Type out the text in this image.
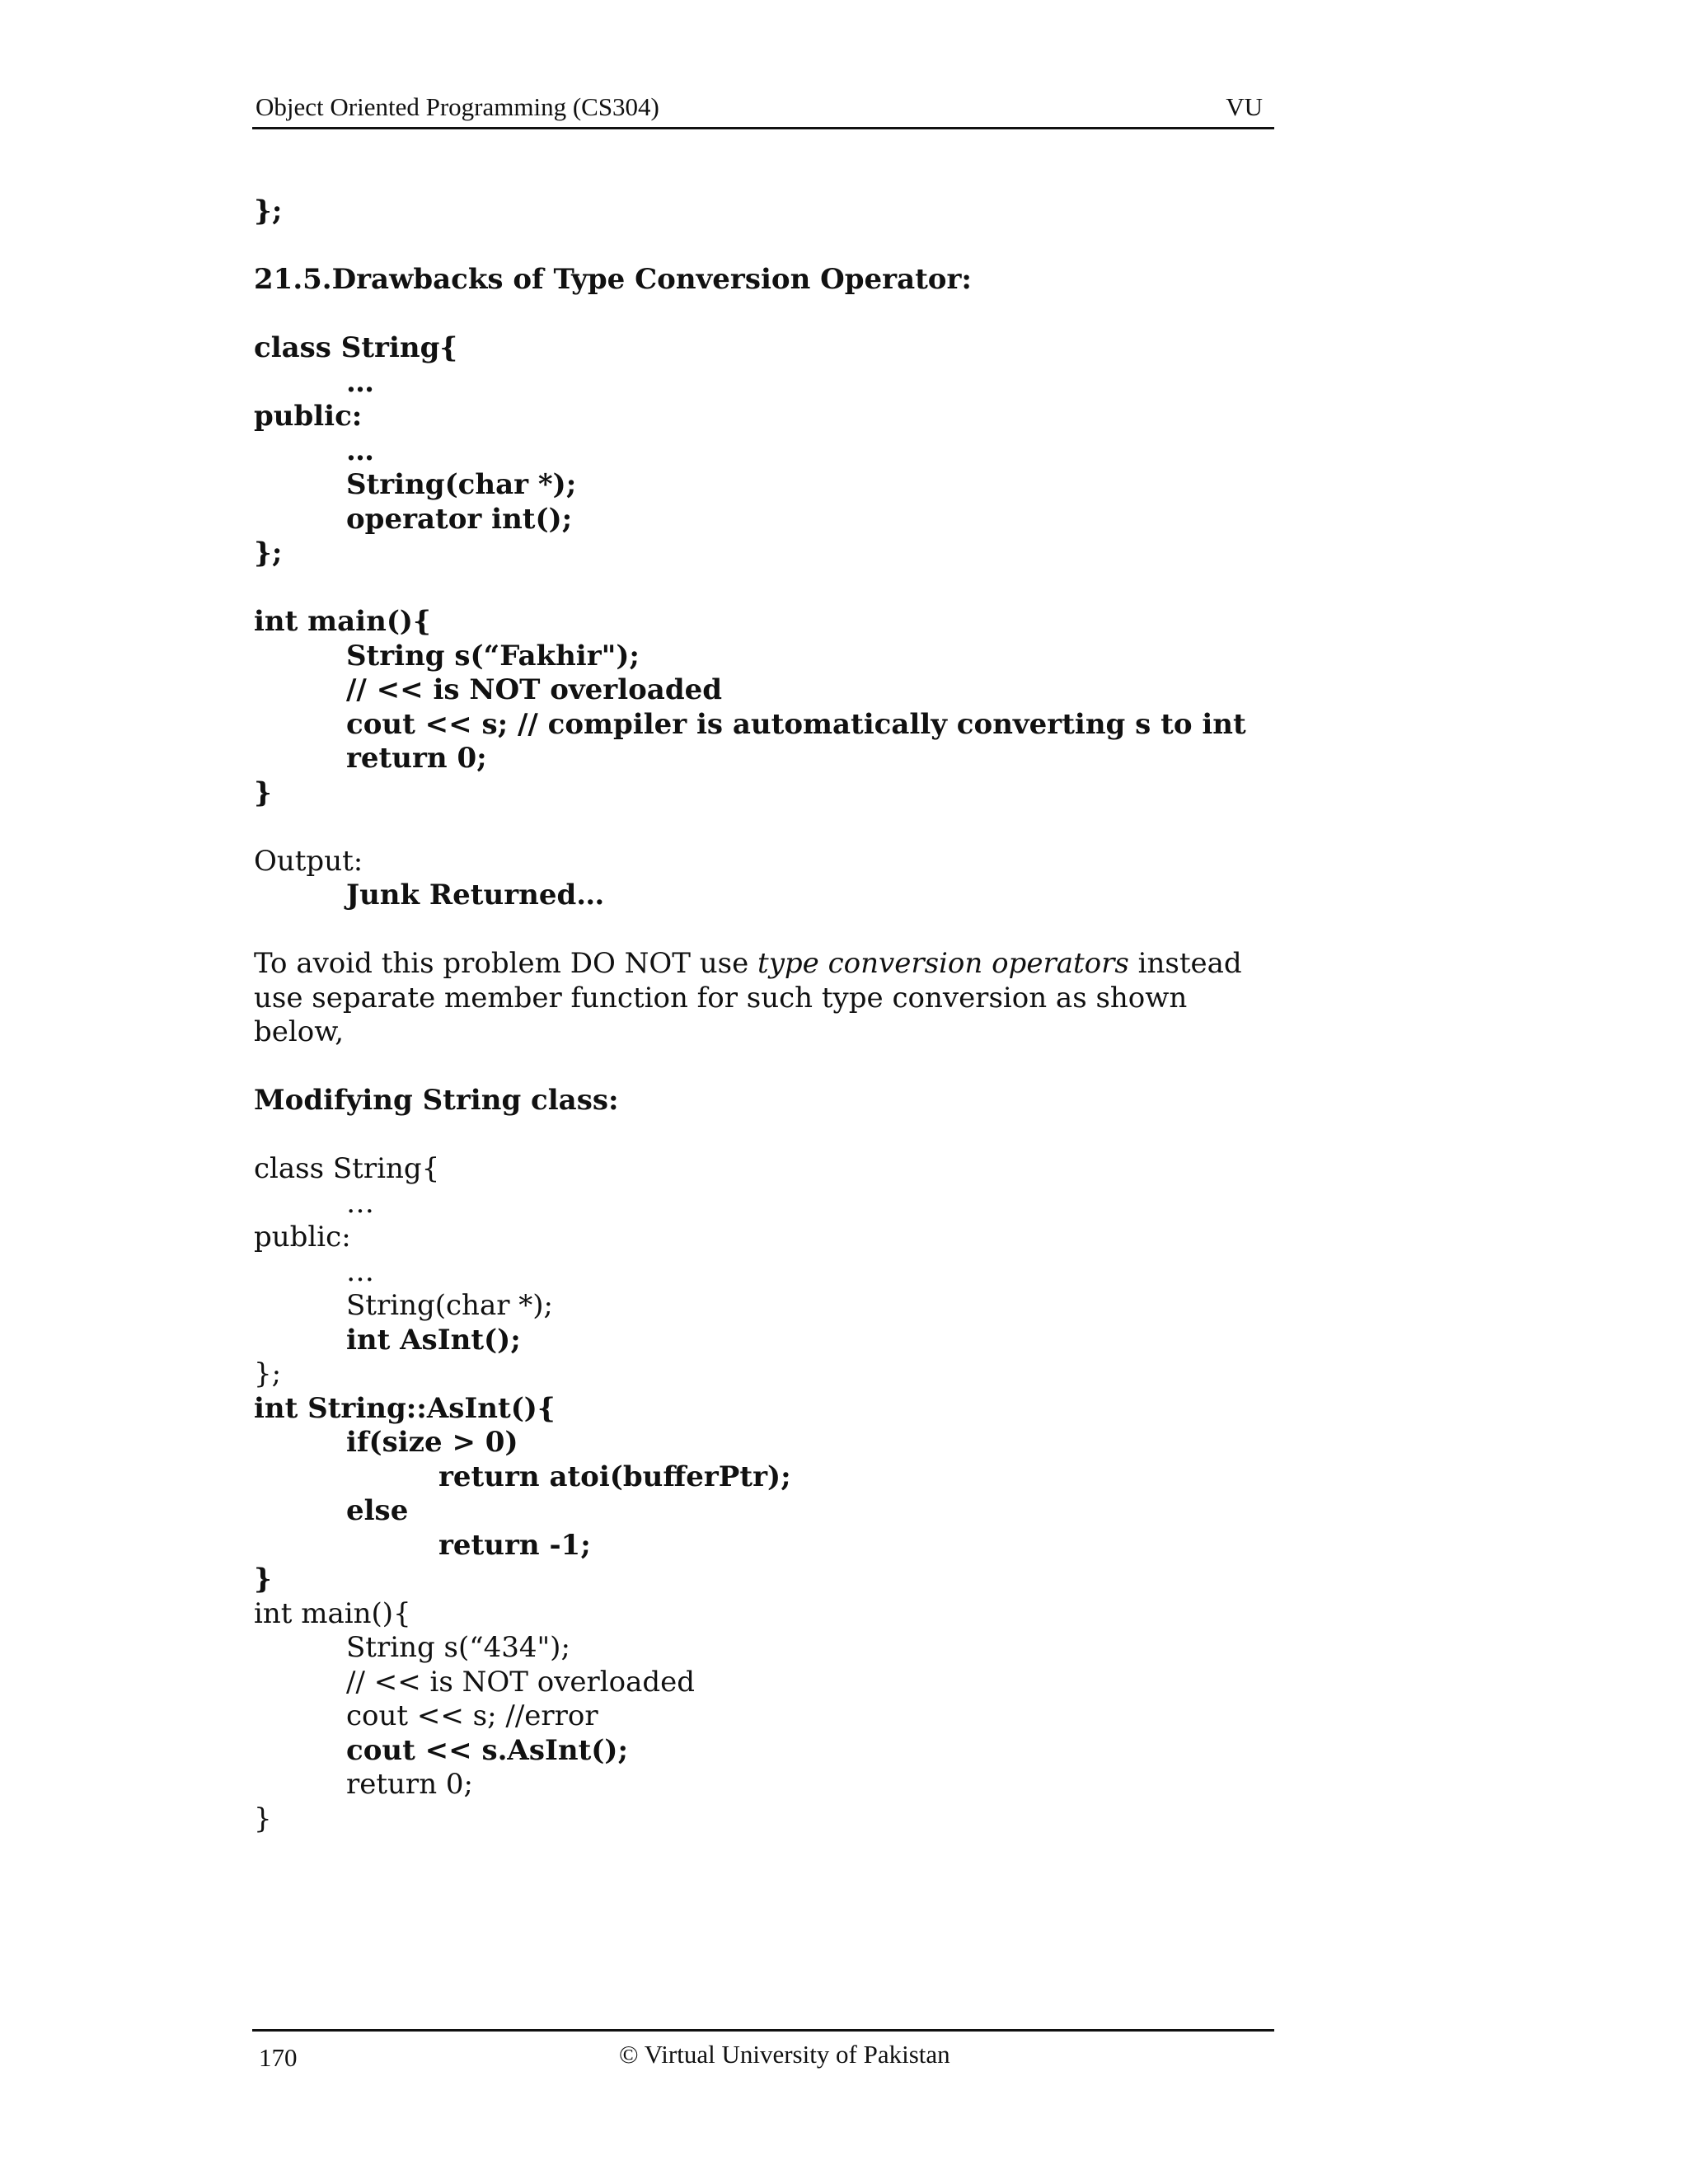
Object Oriented Programming (CS304)	VU
};
21.5.Drawbacks of Type Conversion Operator:
class String{
…
public:
…
String(char *);
operator int();
};
int main(){
String s(“Fakhir");
// << is NOT overloaded
cout << s; // compiler is automatically converting s to int
return 0;
}
Output:
Junk Returned…
To avoid this problem DO NOT use type conversion operators instead use separate member function for such type conversion as shown below,
Modifying String class:
class String{
…
public:
…
String(char *);
int AsInt();
};
int String::AsInt(){
if(size > 0)
return atoi(bufferPtr);
else
return -1;
}
int main(){
String s(“434");
// << is NOT overloaded
cout << s; //error
cout << s.AsInt();
return 0;
}
170	© Virtual University of Pakistan
